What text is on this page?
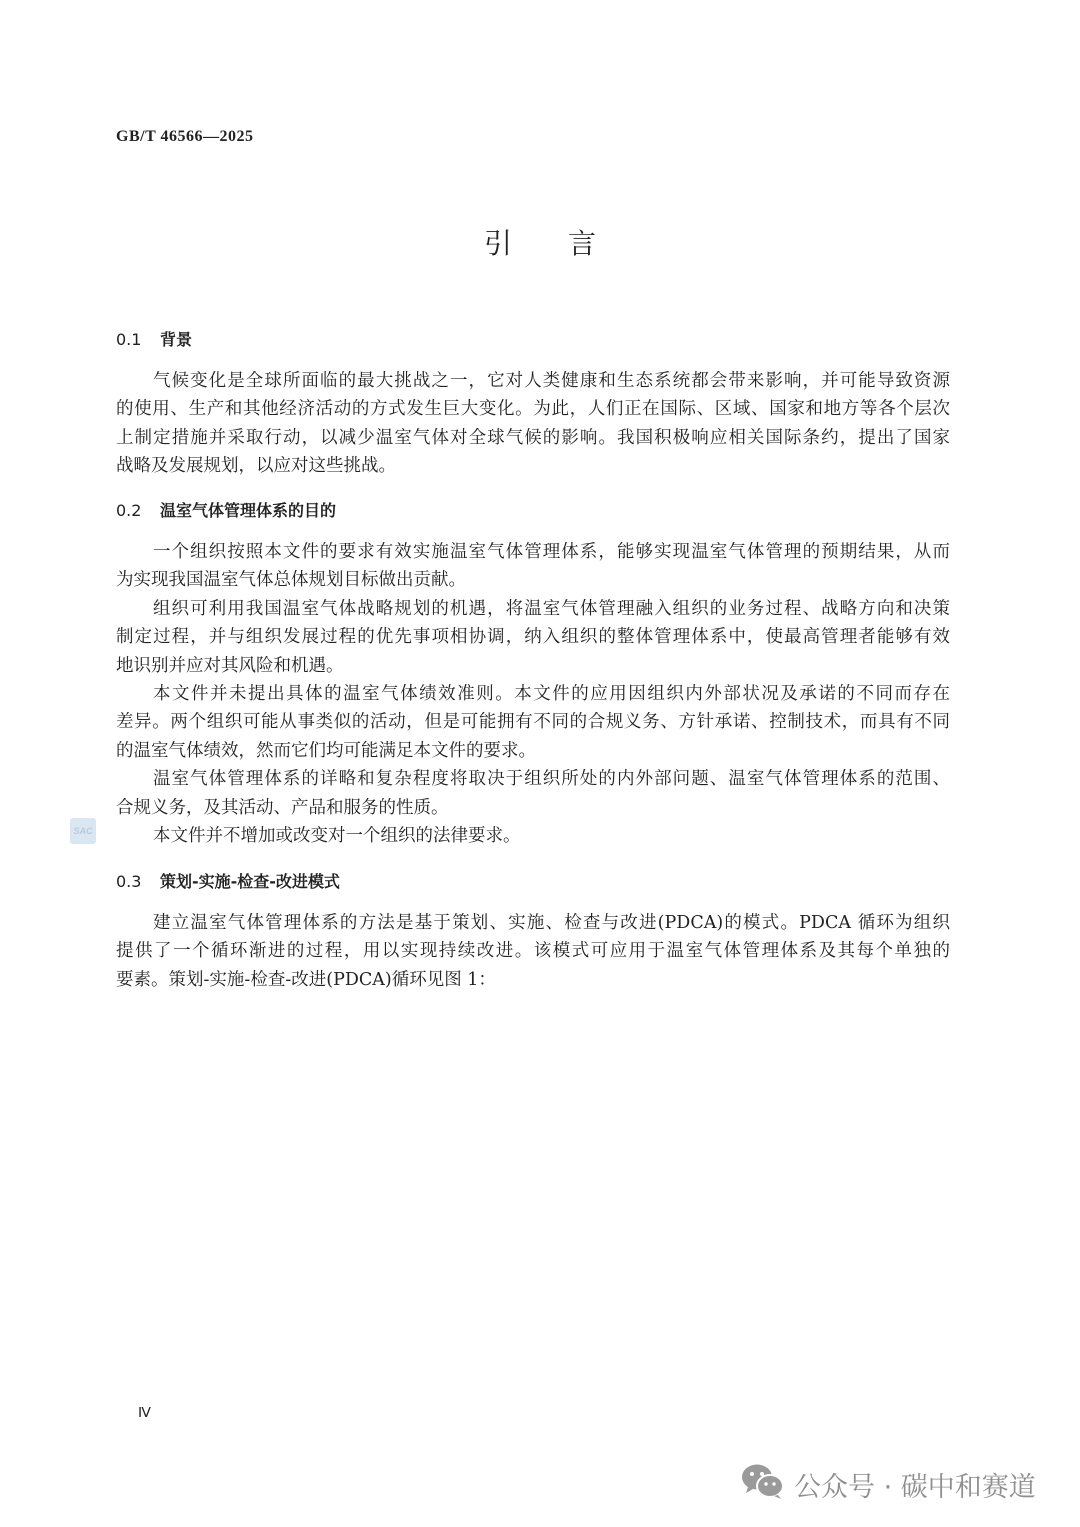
GB/T 46566—2025
引言
0.1 背景
气候变化是全球所面临的最大挑战之一，它对人类健康和生态系统都会带来影响，并可能导致资源
的使用、生产和其他经济活动的方式发生巨大变化。为此，人们正在国际、区域、国家和地方等各个层次
上制定措施并采取行动，以减少温室气体对全球气候的影响。我国积极响应相关国际条约，提出了国家
战略及发展规划，以应对这些挑战。
0.2 温室气体管理体系的目的
一个组织按照本文件的要求有效实施温室气体管理体系，能够实现温室气体管理的预期结果，从而
为实现我国温室气体总体规划目标做出贡献。
组织可利用我国温室气体战略规划的机遇，将温室气体管理融入组织的业务过程、战略方向和决策
制定过程，并与组织发展过程的优先事项相协调，纳入组织的整体管理体系中，使最高管理者能够有效
地识别并应对其风险和机遇。
本文件并未提出具体的温室气体绩效准则。本文件的应用因组织内外部状况及承诺的不同而存在
差异。两个组织可能从事类似的活动，但是可能拥有不同的合规义务、方针承诺、控制技术，而具有不同
的温室气体绩效，然而它们均可能满足本文件的要求。
温室气体管理体系的详略和复杂程度将取决于组织所处的内外部问题、温室气体管理体系的范围、
合规义务，及其活动、产品和服务的性质。
本文件并不增加或改变对一个组织的法律要求。
0.3 策划-实施-检查-改进模式
建立温室气体管理体系的方法是基于策划、实施、检查与改进(PDCA)的模式。PDCA 循环为组织
提供了一个循环渐进的过程，用以实现持续改进。该模式可应用于温室气体管理体系及其每个单独的
要素。策划-实施-检查-改进(PDCA)循环见图 1：
SAC
Ⅳ
公众号 · 碳中和赛道
